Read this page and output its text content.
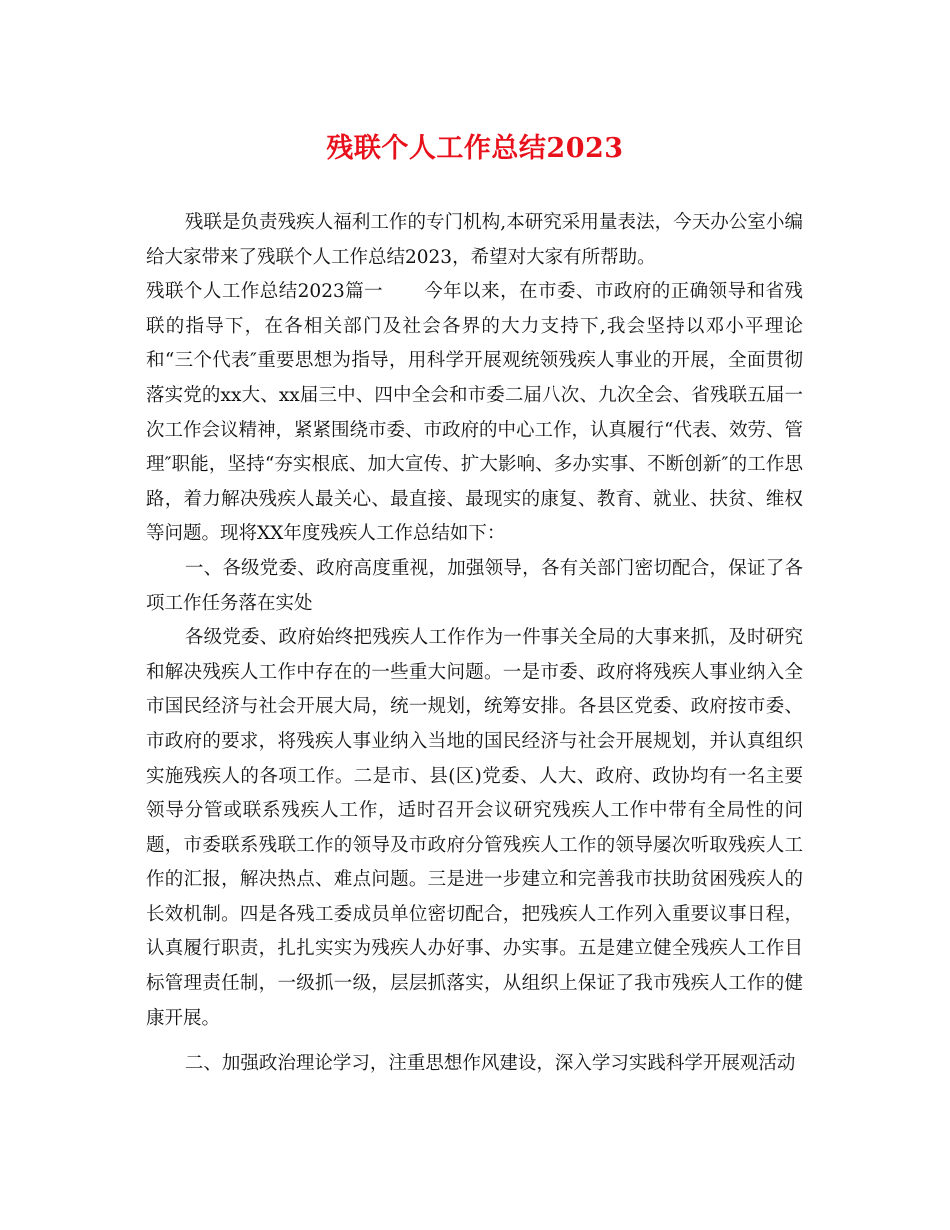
残联个人工作总结2023

残联是负责残疾人福利工作的专门机构,本研究采用量表法，今天办公室小编给大家带来了残联个人工作总结2023，希望对大家有所帮助。

残联个人工作总结2023篇一 今年以来，在市委、市政府的正确领导和省残联的指导下，在各相关部门及社会各界的大力支持下,我会坚持以邓小平理论和“三个代表″重要思想为指导，用科学开展观统领残疾人事业的开展，全面贯彻落实党的xx大、xx届三中、四中全会和市委二届八次、九次全会、省残联五届一次工作会议精神，紧紧围绕市委、市政府的中心工作，认真履行“代表、效劳、管理″职能，坚持“夯实根底、加大宣传、扩大影响、多办实事、不断创新″的工作思路，着力解决残疾人最关心、最直接、最现实的康复、教育、就业、扶贫、维权等问题。现将XX年度残疾人工作总结如下：

一、各级党委、政府高度重视，加强领导，各有关部门密切配合，保证了各项工作任务落在实处

各级党委、政府始终把残疾人工作作为一件事关全局的大事来抓，及时研究和解决残疾人工作中存在的一些重大问题。一是市委、政府将残疾人事业纳入全市国民经济与社会开展大局，统一规划，统筹安排。各县区党委、政府按市委、市政府的要求，将残疾人事业纳入当地的国民经济与社会开展规划，并认真组织实施残疾人的各项工作。二是市、县(区)党委、人大、政府、政协均有一名主要领导分管或联系残疾人工作，适时召开会议研究残疾人工作中带有全局性的问题，市委联系残联工作的领导及市政府分管残疾人工作的领导屡次听取残疾人工作的汇报，解决热点、难点问题。三是进一步建立和完善我市扶助贫困残疾人的长效机制。四是各残工委成员单位密切配合，把残疾人工作列入重要议事日程，认真履行职责，扎扎实实为残疾人办好事、办实事。五是建立健全残疾人工作目标管理责任制，一级抓一级，层层抓落实，从组织上保证了我市残疾人工作的健康开展。

二、加强政治理论学习，注重思想作风建设，深入学习实践科学开展观活动
